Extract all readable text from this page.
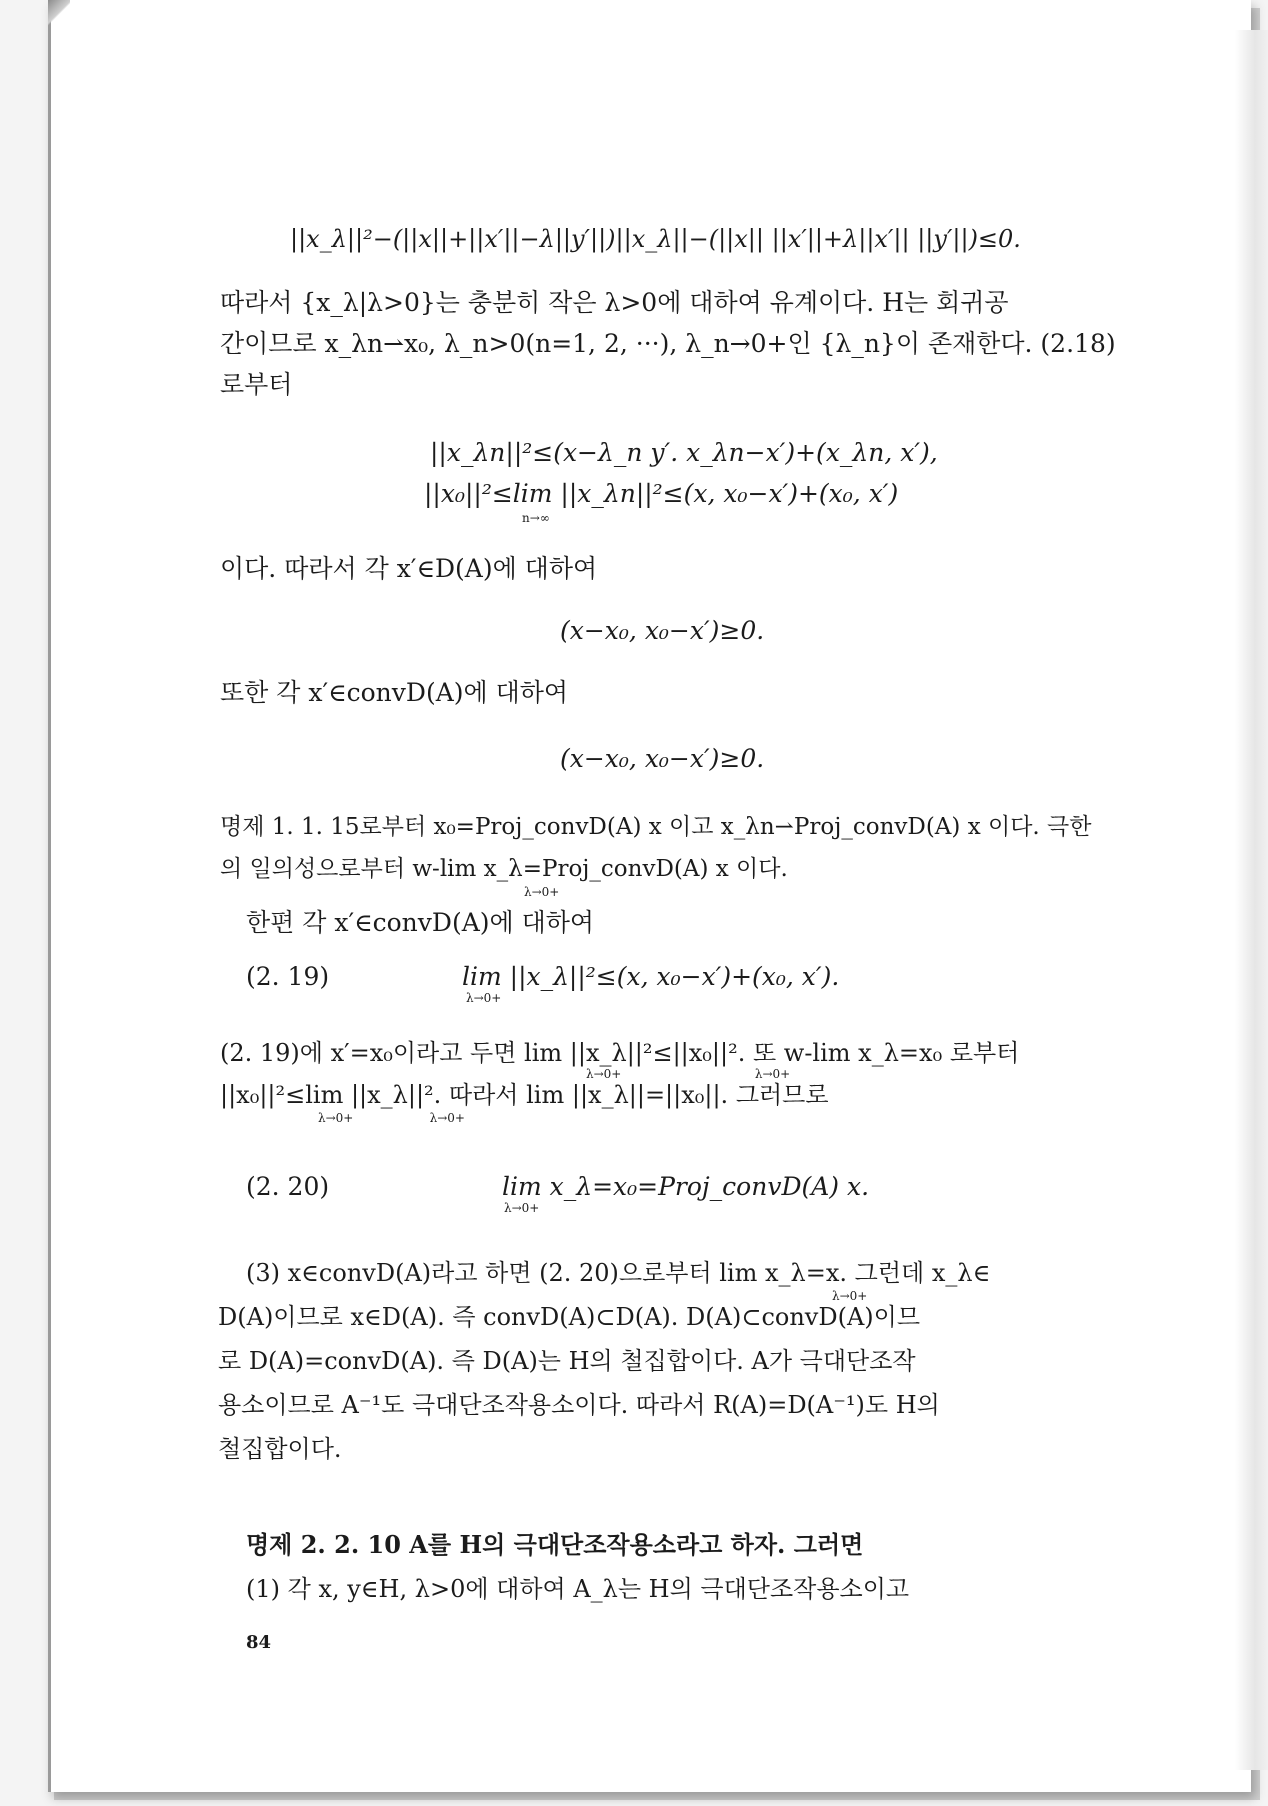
||x_λ||²−(||x||+||x′||−λ||y′||)||x_λ||−(||x|| ||x′||+λ||x′|| ||y′||)≤0.
따라서 {x_λ|λ>0}는 충분히 작은 λ>0에 대하여 유계이다. H는 회귀공
간이므로 x_λn⇀x₀, λ_n>0(n=1, 2, ···), λ_n→0+인 {λ_n}이 존재한다. (2.18)
로부터
||x_λn||²≤(x−λ_n y′. x_λn−x′)+(x_λn, x′),
||x₀||²≤lim ||x_λn||²≤(x, x₀−x′)+(x₀, x′)
n→∞
이다. 따라서 각 x′∈D(A)에 대하여
(x−x₀, x₀−x′)≥0.
또한 각 x′∈convD(A)에 대하여
(x−x₀, x₀−x′)≥0.
명제 1. 1. 15로부터 x₀=Proj_convD(A) x 이고 x_λn⇀Proj_convD(A) x 이다. 극한
의 일의성으로부터 w-lim x_λ=Proj_convD(A) x 이다.
λ→0+
한편 각 x′∈convD(A)에 대하여
(2. 19)	lim ||x_λ||²≤(x, x₀−x′)+(x₀, x′).
λ→0+
(2. 19)에 x′=x₀이라고 두면 lim ||x_λ||²≤||x₀||². 또 w-lim x_λ=x₀ 로부터
λ→0+                                   λ→0+
||x₀||²≤lim ||x_λ||². 따라서 lim ||x_λ||=||x₀||. 그러므로
λ→0+                    λ→0+
(2. 20)	lim x_λ=x₀=Proj_convD(A) x.
λ→0+
(3) x∈convD(A)라고 하면 (2. 20)으로부터 lim x_λ=x. 그런데 x_λ∈
λ→0+
D(A)이므로 x∈D(A). 즉 convD(A)⊂D(A). D(A)⊂convD(A)이므
로 D(A)=convD(A). 즉 D(A)는 H의 철집합이다. A가 극대단조작
용소이므로 A⁻¹도 극대단조작용소이다. 따라서 R(A)=D(A⁻¹)도 H의
철집합이다.
명제 2. 2. 10 A를 H의 극대단조작용소라고 하자. 그러면
(1) 각 x, y∈H, λ>0에 대하여 A_λ는 H의 극대단조작용소이고
84
